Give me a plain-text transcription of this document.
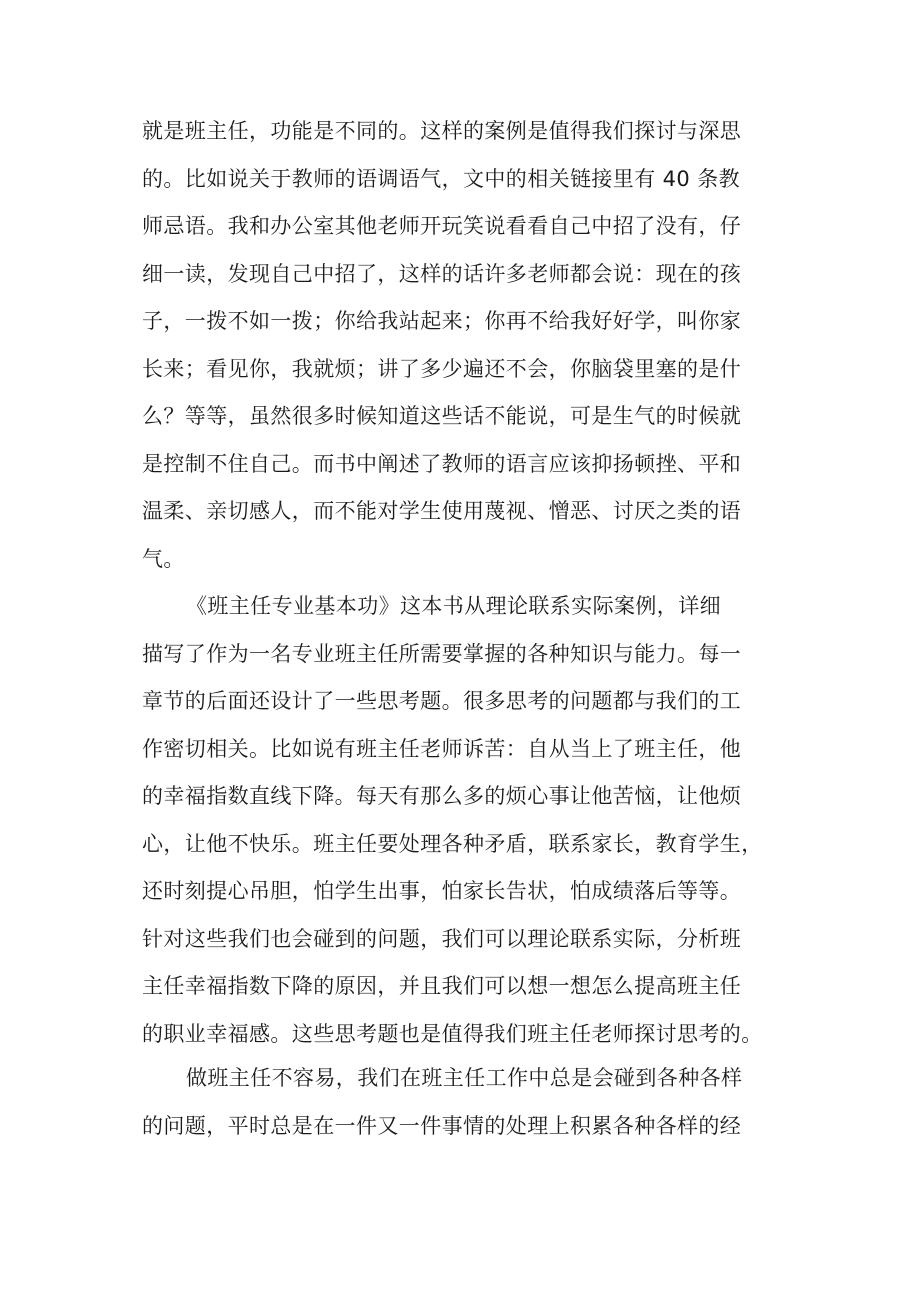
就是班主任，功能是不同的。这样的案例是值得我们探讨与深思
的。比如说关于教师的语调语气，文中的相关链接里有 40 条教
师忌语。我和办公室其他老师开玩笑说看看自己中招了没有，仔
细一读，发现自己中招了，这样的话许多老师都会说：现在的孩
子，一拨不如一拨；你给我站起来；你再不给我好好学，叫你家
长来；看见你，我就烦；讲了多少遍还不会，你脑袋里塞的是什
么？等等，虽然很多时候知道这些话不能说，可是生气的时候就
是控制不住自己。而书中阐述了教师的语言应该抑扬顿挫、平和
温柔、亲切感人，而不能对学生使用蔑视、憎恶、讨厌之类的语
气。
《班主任专业基本功》这本书从理论联系实际案例，详细
描写了作为一名专业班主任所需要掌握的各种知识与能力。每一
章节的后面还设计了一些思考题。很多思考的问题都与我们的工
作密切相关。比如说有班主任老师诉苦：自从当上了班主任，他
的幸福指数直线下降。每天有那么多的烦心事让他苦恼，让他烦
心，让他不快乐。班主任要处理各种矛盾，联系家长，教育学生，
还时刻提心吊胆，怕学生出事，怕家长告状，怕成绩落后等等。
针对这些我们也会碰到的问题，我们可以理论联系实际，分析班
主任幸福指数下降的原因，并且我们可以想一想怎么提高班主任
的职业幸福感。这些思考题也是值得我们班主任老师探讨思考的。
做班主任不容易，我们在班主任工作中总是会碰到各种各样
的问题，平时总是在一件又一件事情的处理上积累各种各样的经
